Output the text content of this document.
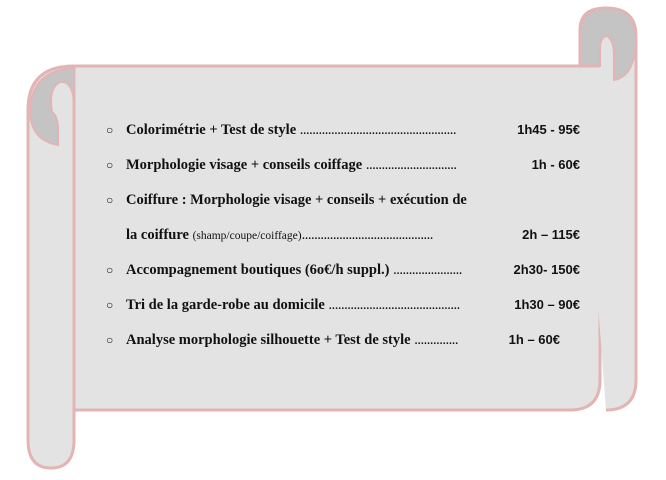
○ Colorimétrie + Test de style ..................................................	1h45 - 95€
○ Morphologie visage + conseils coiffage .............................	1h - 60€
○ Coiffure : Morphologie visage + conseils + exécution de
la coiffure (shamp/coupe/coiffage)..........................................	2h – 115€
○ Accompagnement boutiques (6o€/h suppl.) ......................	2h30- 150€
○ Tri de la garde-robe au domicile ..........................................	1h30 – 90€
○ Analyse morphologie silhouette + Test de style ..............	1h – 60€
